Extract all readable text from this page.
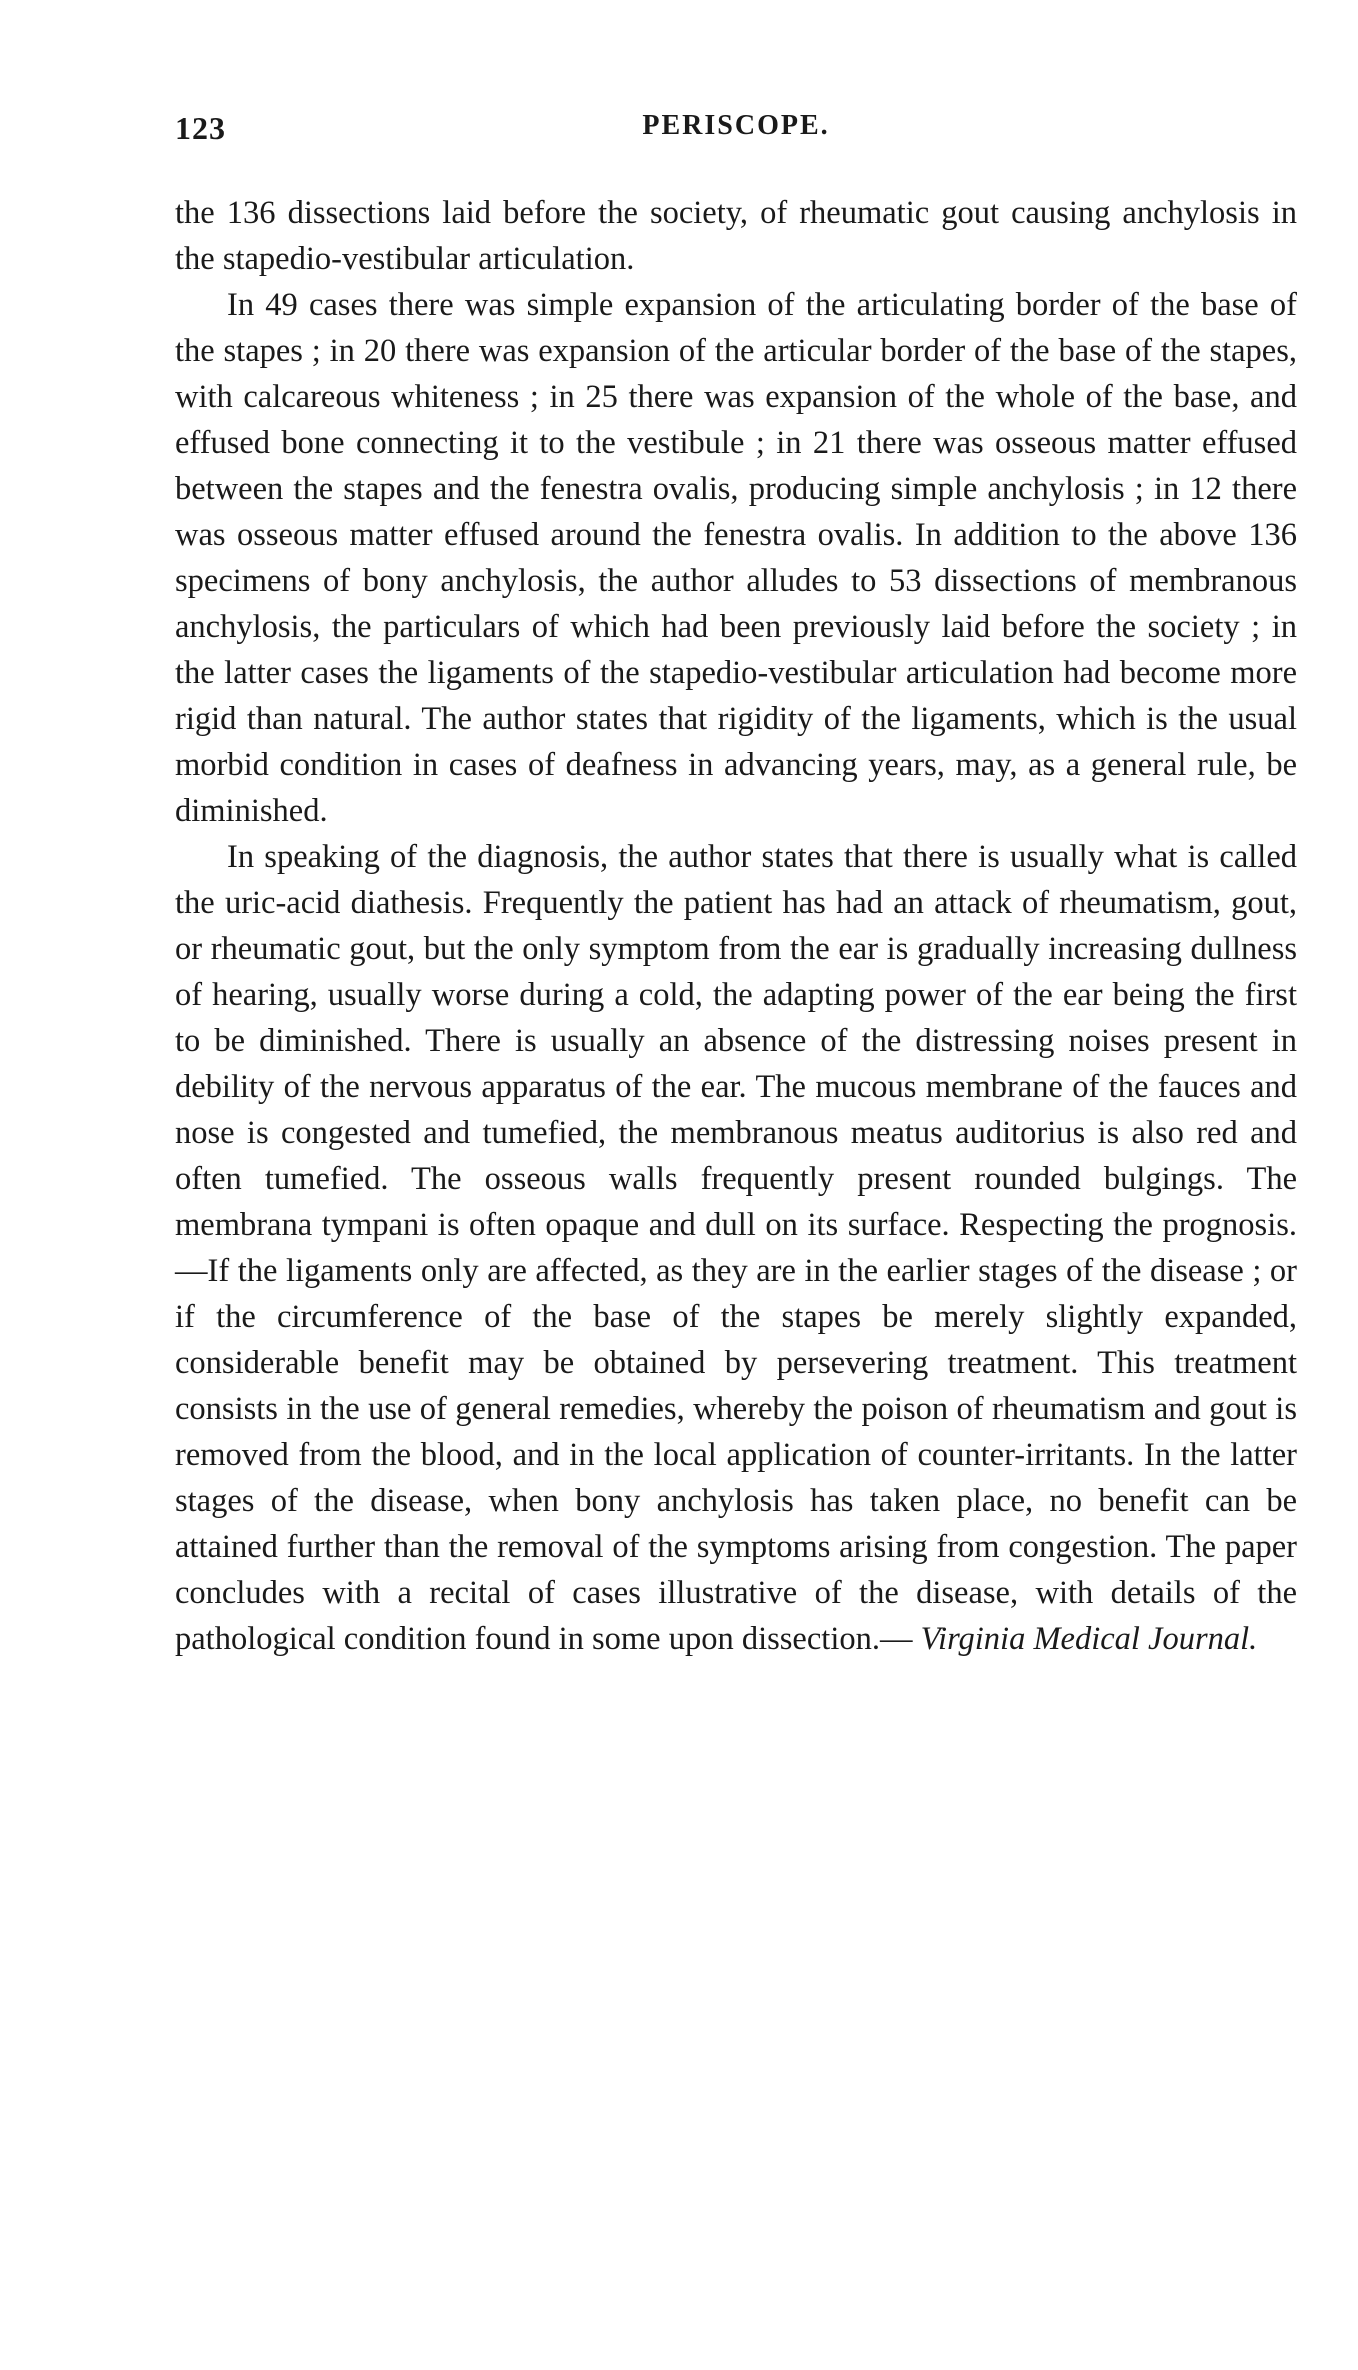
123	PERISCOPE.

the 136 dissections laid before the society, of rheumatic gout causing anchylosis in the stapedio-vestibular articulation.

In 49 cases there was simple expansion of the articulating border of the base of the stapes ; in 20 there was expansion of the articular border of the base of the stapes, with calcareous whiteness ; in 25 there was expansion of the whole of the base, and effused bone connecting it to the vestibule ; in 21 there was osseous matter effused between the stapes and the fenestra ovalis, producing simple anchylosis ; in 12 there was osseous matter effused around the fenestra ovalis. In addition to the above 136 specimens of bony anchylosis, the author alludes to 53 dissections of membranous anchylosis, the particulars of which had been previously laid before the society ; in the latter cases the ligaments of the stapedio-vestibular articulation had become more rigid than natural. The author states that rigidity of the ligaments, which is the usual morbid condition in cases of deafness in advancing years, may, as a general rule, be diminished.

In speaking of the diagnosis, the author states that there is usually what is called the uric-acid diathesis. Frequently the patient has had an attack of rheumatism, gout, or rheumatic gout, but the only symptom from the ear is gradually increasing dullness of hearing, usually worse during a cold, the adapting power of the ear being the first to be diminished. There is usually an absence of the distressing noises present in debility of the nervous apparatus of the ear. The mucous membrane of the fauces and nose is congested and tumefied, the membranous meatus auditorius is also red and often tumefied. The osseous walls frequently present rounded bulgings. The membrana tympani is often opaque and dull on its surface. Respecting the prognosis.—If the ligaments only are affected, as they are in the earlier stages of the disease ; or if the circumference of the base of the stapes be merely slightly expanded, considerable benefit may be obtained by persevering treatment. This treatment consists in the use of general remedies, whereby the poison of rheumatism and gout is removed from the blood, and in the local application of counter-irritants. In the latter stages of the disease, when bony anchylosis has taken place, no benefit can be attained further than the removal of the symptoms arising from congestion. The paper concludes with a recital of cases illustrative of the disease, with details of the pathological condition found in some upon dissection.— Virginia Medical Journal.
